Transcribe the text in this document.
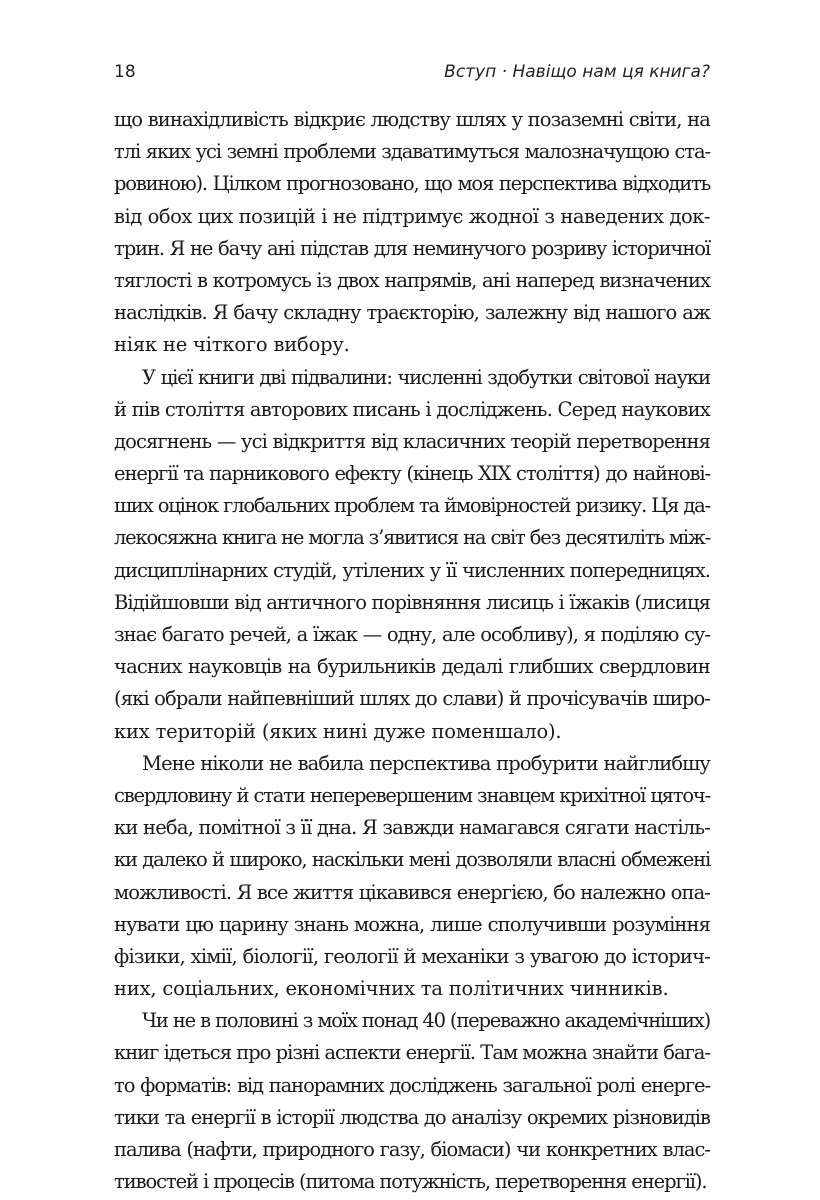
18	Вступ · Навіщо нам ця книга?
що винахідливість відкриє людству шлях у позаземні світи, на
тлі яких усі земні проблеми здаватимуться малозначущою ста-
ровиною). Цілком прогнозовано, що моя перспектива відходить
від обох цих позицій і не підтримує жодної з наведених док-
трин. Я не бачу ані підстав для неминучого розриву історичної
тяглості в котромусь із двох напрямів, ані наперед визначених
наслідків. Я бачу складну траєкторію, залежну від нашого аж
ніяк не чіткого вибору.
У цієї книги дві підвалини: численні здобутки світової науки
й пів століття авторових писань і досліджень. Серед наукових
досягнень — усі відкриття від класичних теорій перетворення
енергії та парникового ефекту (кінець XIX століття) до найнові-
ших оцінок глобальних проблем та ймовірностей ризику. Ця да-
лекосяжна книга не могла з’явитися на світ без десятиліть між-
дисциплінарних студій, утілених у її численних попередницях.
Відійшовши від античного порівняння лисиць і їжаків (лисиця
знає багато речей, а їжак — одну, але особливу), я поділяю су-
часних науковців на бурильників дедалі глибших свердловин
(які обрали найпевніший шлях до слави) й прочісувачів широ-
ких територій (яких нині дуже поменшало).
Мене ніколи не вабила перспектива пробурити найглибшу
свердловину й стати неперевершеним знавцем крихітної цяточ-
ки неба, помітної з її дна. Я завжди намагався сягати настіль-
ки далеко й широко, наскільки мені дозволяли власні обмежені
можливості. Я все життя цікавився енергією, бо належно опа-
нувати цю царину знань можна, лише сполучивши розуміння
фізики, хімії, біології, геології й механіки з увагою до історич-
них, соціальних, економічних та політичних чинників.
Чи не в половині з моїх понад 40 (переважно академічніших)
книг ідеться про різні аспекти енергії. Там можна знайти бага-
то форматів: від панорамних досліджень загальної ролі енерге-
тики та енергії в історії людства до аналізу окремих різновидів
палива (нафти, природного газу, біомаси) чи конкретних влас-
тивостей і процесів (питома потужність, перетворення енергії).
